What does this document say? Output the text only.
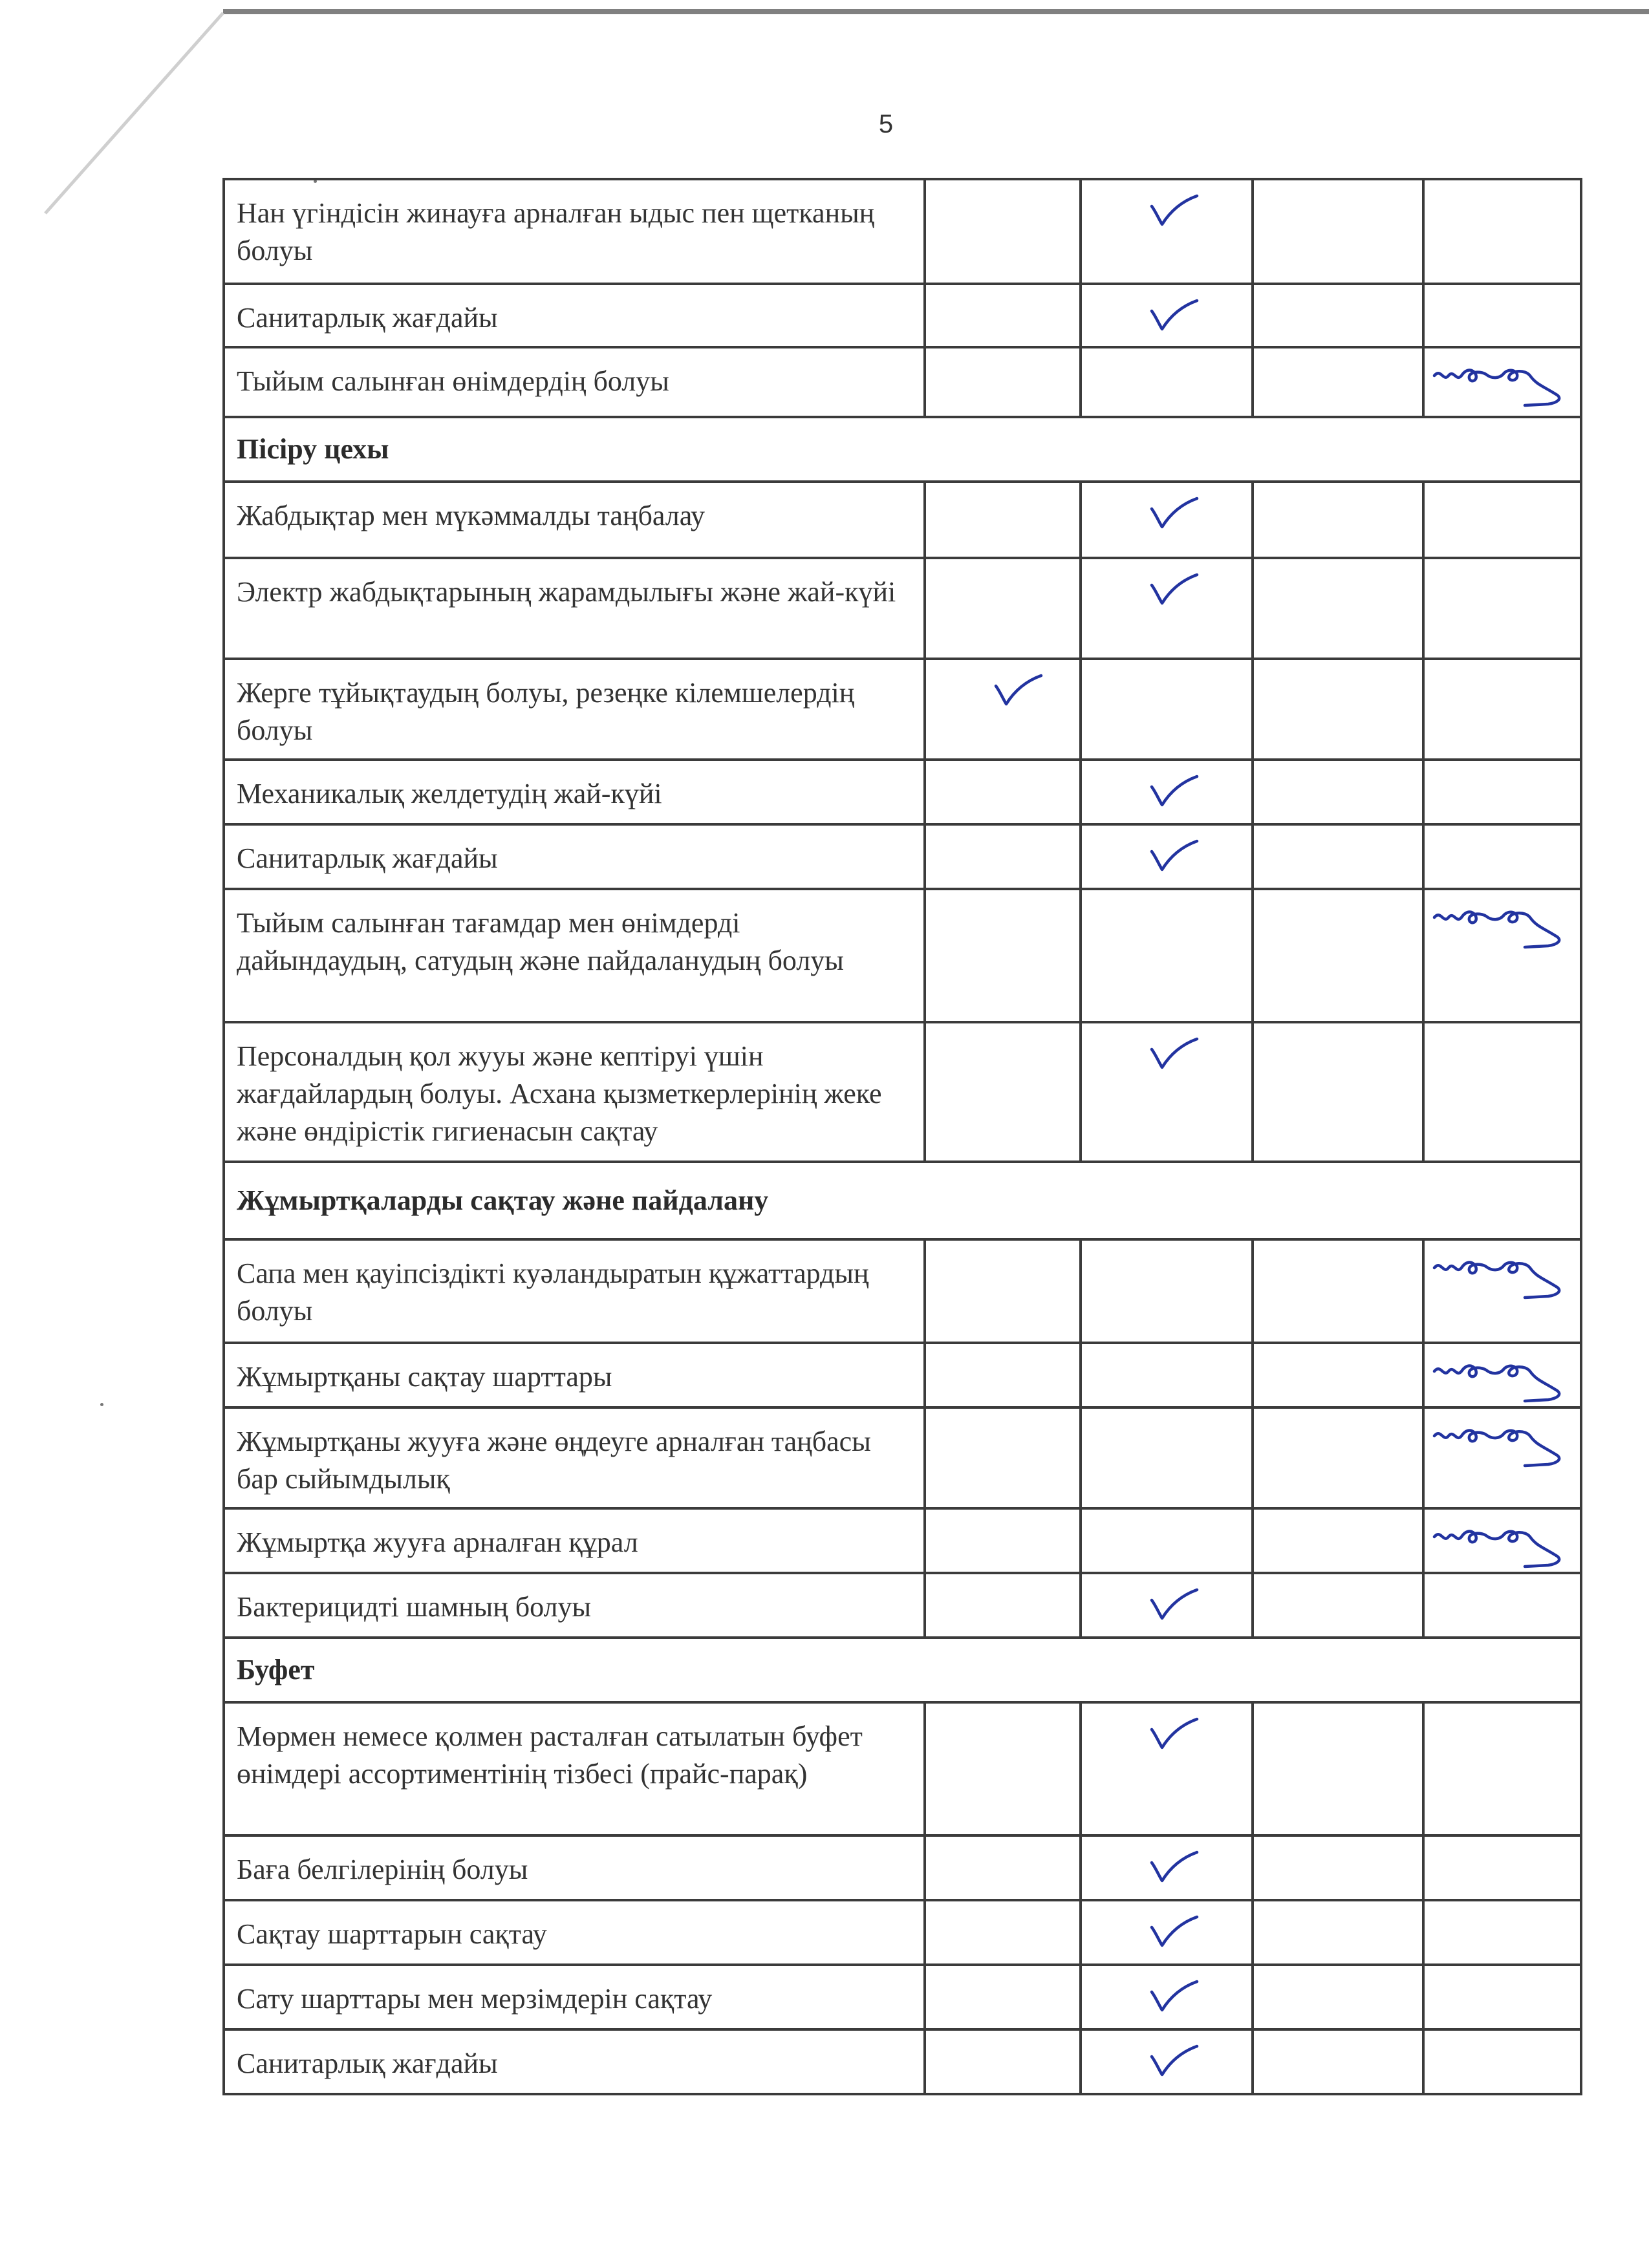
5
Нан үгіндісін жинауға арналған ыдыс пен щетканың болуы		

Санитарлық жағдайы		

Тыйым салынған өнімдердің болуы				

Пісіру цехы				
Жабдықтар мен мүкәммалды таңбалау		

Электр жабдықтарының жарамдылығы және жай-күйі		

Жерге тұйықтаудың болуы, резеңке кілемшелердің болуы	

Механикалық желдетудің жай-күйі		

Санитарлық жағдайы		

Тыйым салынған тағамдар мен өнімдерді дайындаудың, сатудың және пайдаланудың болуы				

Персоналдың қол жууы және кептіруі үшін жағдайлардың болуы. Асхана қызметкерлерінің жеке және өндірістік гигиенасын сақтау		

Жұмыртқаларды сақтау және пайдалану				
Сапа мен қауіпсіздікті куәландыратын құжаттардың болуы				

Жұмыртқаны сақтау шарттары				

Жұмыртқаны жууға және өңдеуге арналған таңбасы бар сыйымдылық				

Жұмыртқа жууға арналған құрал				

Бактерицидті шамның болуы		

Буфет				
Мөрмен немесе қолмен расталған сатылатын буфет өнімдері ассортиментінің тізбесі (прайс-парақ)		

Баға белгілерінің болуы		

Сақтау шарттарын сақтау		

Сату шарттары мен мерзімдерін сақтау		

Санитарлық жағдайы		
